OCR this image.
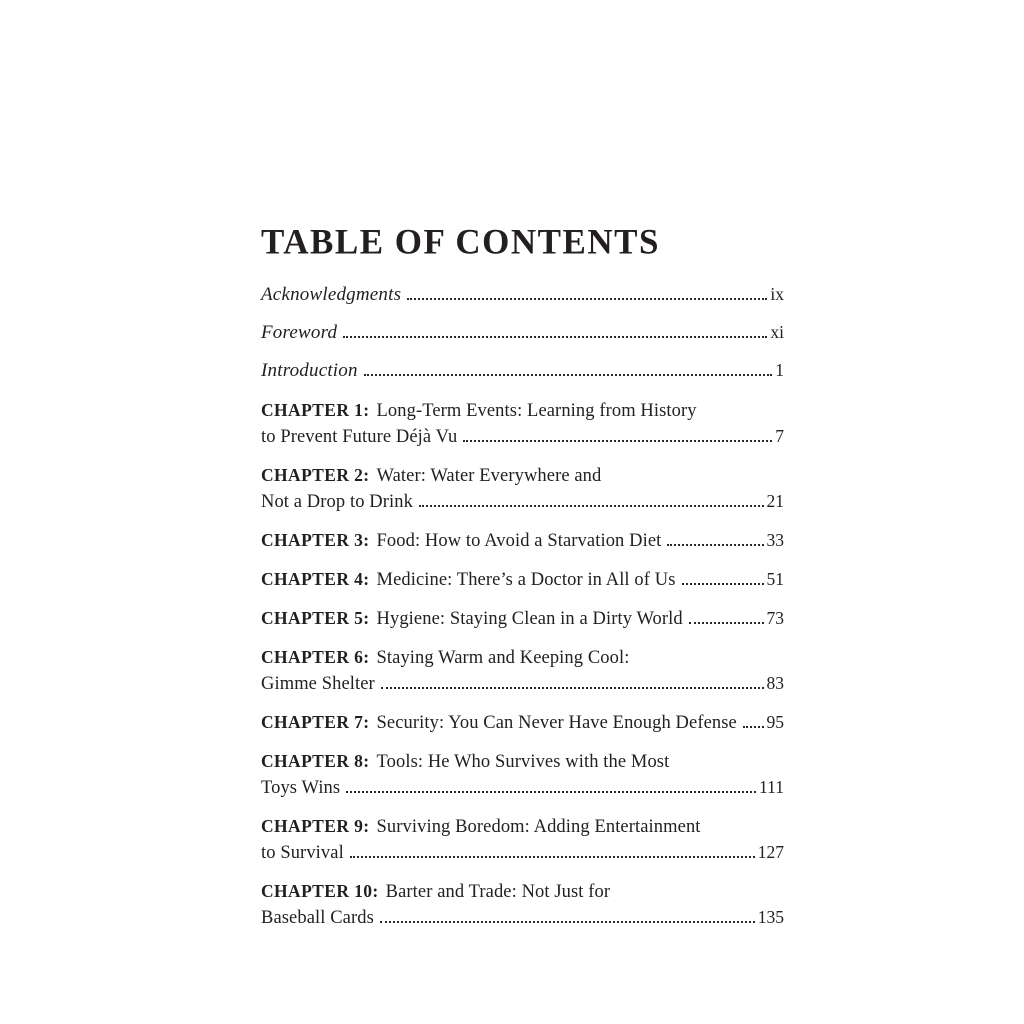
TABLE OF CONTENTS
Acknowledgments	ix
Foreword	xi
Introduction	1
CHAPTER 1: Long-Term Events: Learning from History
to Prevent Future Déjà Vu	7
CHAPTER 2: Water: Water Everywhere and
Not a Drop to Drink	21
CHAPTER 3: Food: How to Avoid a Starvation Diet	33
CHAPTER 4: Medicine: There’s a Doctor in All of Us	51
CHAPTER 5: Hygiene: Staying Clean in a Dirty World	73
CHAPTER 6: Staying Warm and Keeping Cool:
Gimme Shelter	83
CHAPTER 7: Security: You Can Never Have Enough Defense 95
CHAPTER 8: Tools: He Who Survives with the Most
Toys Wins	111
CHAPTER 9: Surviving Boredom: Adding Entertainment
to Survival	127
CHAPTER 10: Barter and Trade: Not Just for
Baseball Cards	135
